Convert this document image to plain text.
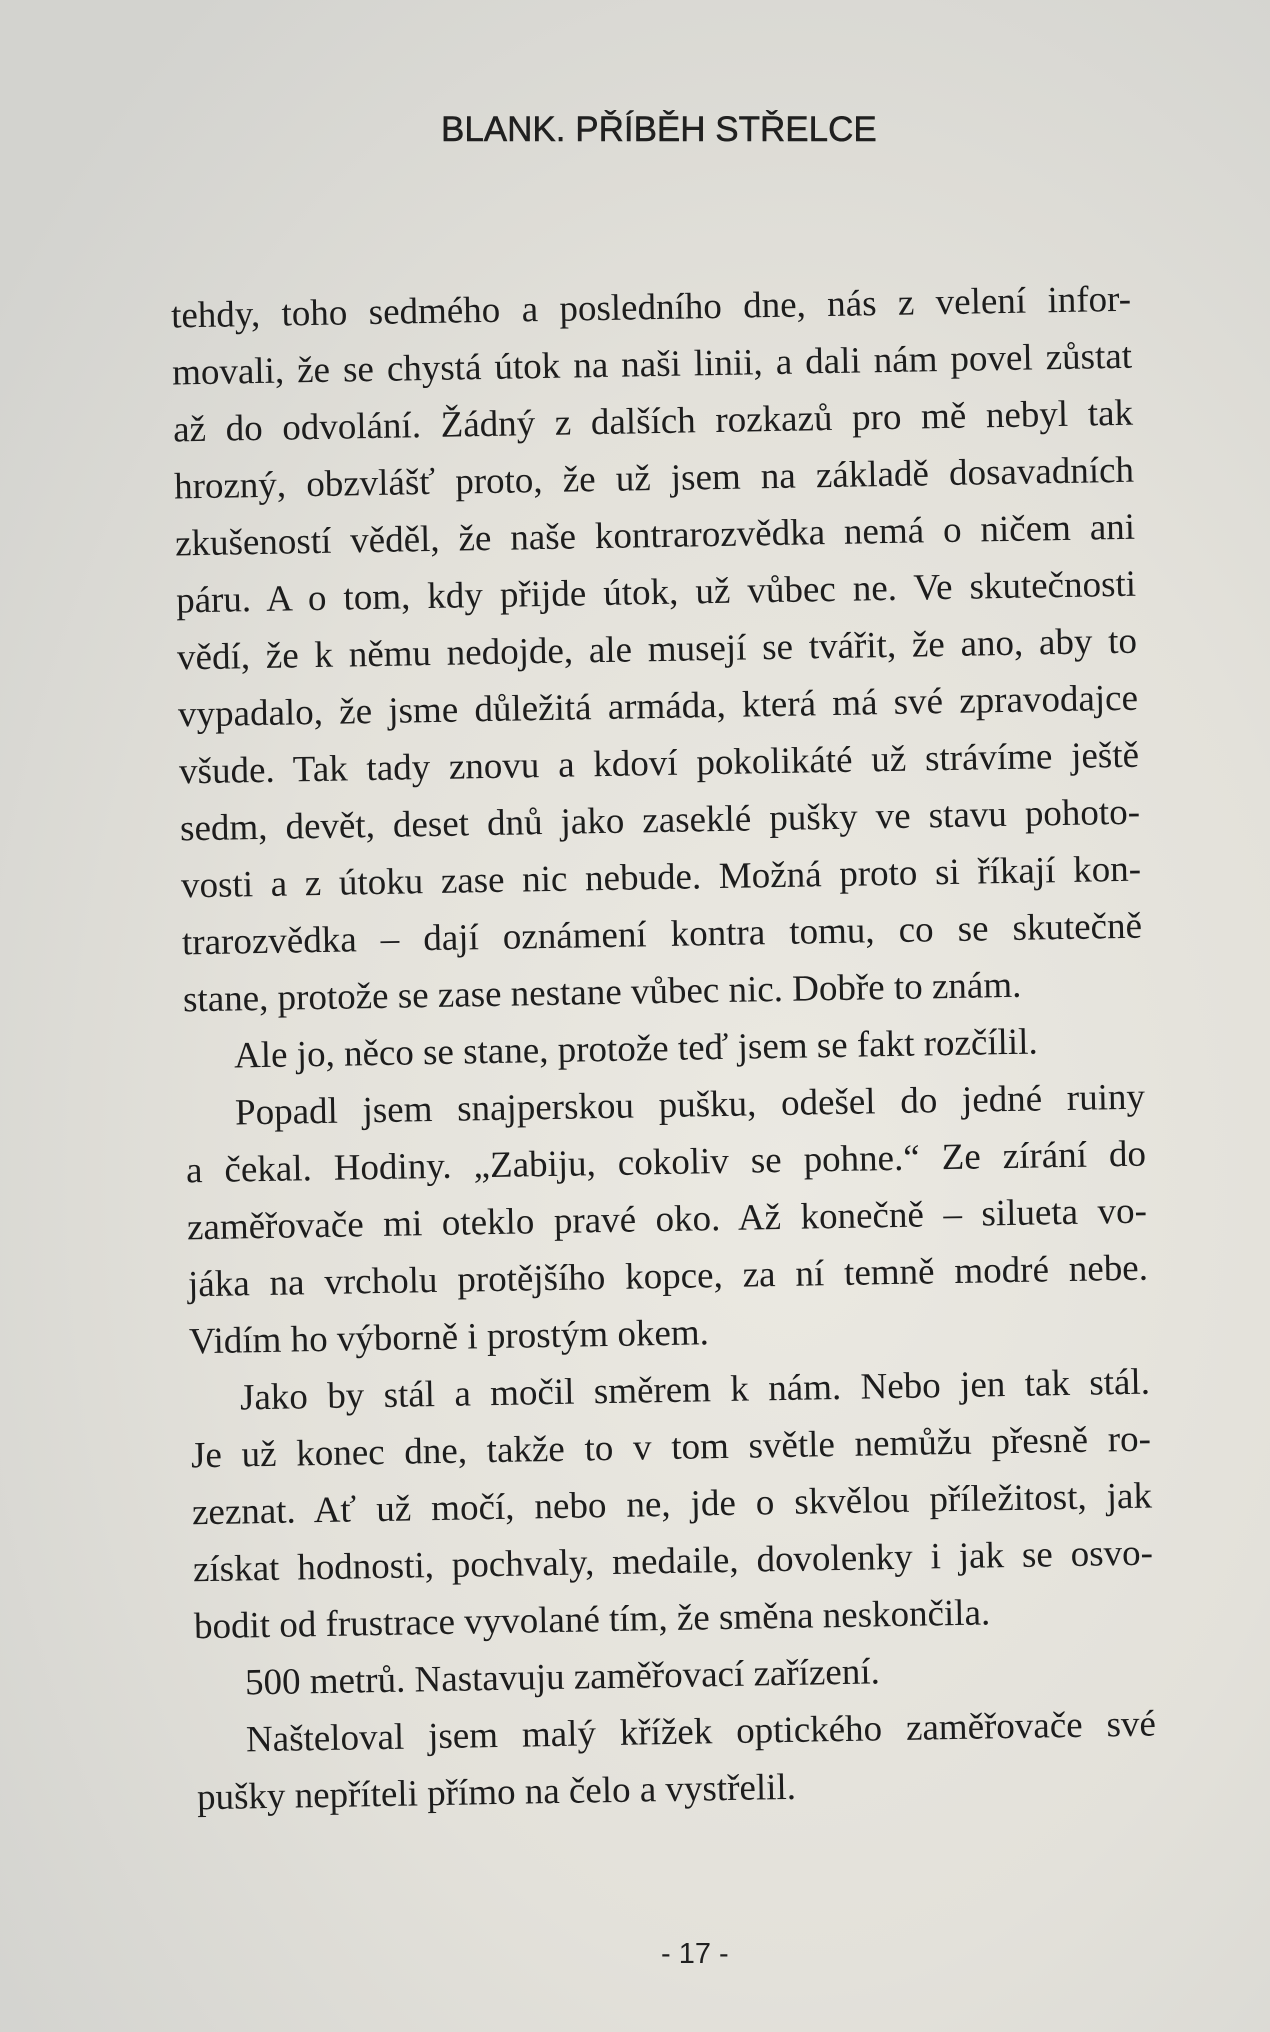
BLANK. PŘÍBĚH STŘELCE
tehdy, toho sedmého a posledního dne, nás z velení infor-
movali, že se chystá útok na naši linii, a dali nám povel zůstat
až do odvolání. Žádný z dalších rozkazů pro mě nebyl tak
hrozný, obzvlášť proto, že už jsem na základě dosavadních
zkušeností věděl, že naše kontrarozvědka nemá o ničem ani
páru. A o tom, kdy přijde útok, už vůbec ne. Ve skutečnosti
vědí, že k němu nedojde, ale musejí se tvářit, že ano, aby to
vypadalo, že jsme důležitá armáda, která má své zpravodajce
všude. Tak tady znovu a kdoví pokolikáté už strávíme ještě
sedm, devět, deset dnů jako zaseklé pušky ve stavu pohoto-
vosti a z útoku zase nic nebude. Možná proto si říkají kon-
trarozvědka – dají oznámení kontra tomu, co se skutečně
stane, protože se zase nestane vůbec nic. Dobře to znám.
Ale jo, něco se stane, protože teď jsem se fakt rozčílil.
Popadl jsem snajperskou pušku, odešel do jedné ruiny
a čekal. Hodiny. „Zabiju, cokoliv se pohne.“ Ze zírání do
zaměřovače mi oteklo pravé oko. Až konečně – silueta vo-
jáka na vrcholu protějšího kopce, za ní temně modré nebe.
Vidím ho výborně i prostým okem.
Jako by stál a močil směrem k nám. Nebo jen tak stál.
Je už konec dne, takže to v tom světle nemůžu přesně ro-
zeznat. Ať už močí, nebo ne, jde o skvělou příležitost, jak
získat hodnosti, pochvaly, medaile, dovolenky i jak se osvo-
bodit od frustrace vyvolané tím, že směna neskončila.
500 metrů. Nastavuju zaměřovací zařízení.
Našteloval jsem malý křížek optického zaměřovače své
pušky nepříteli přímo na čelo a vystřelil.
- 17 -
